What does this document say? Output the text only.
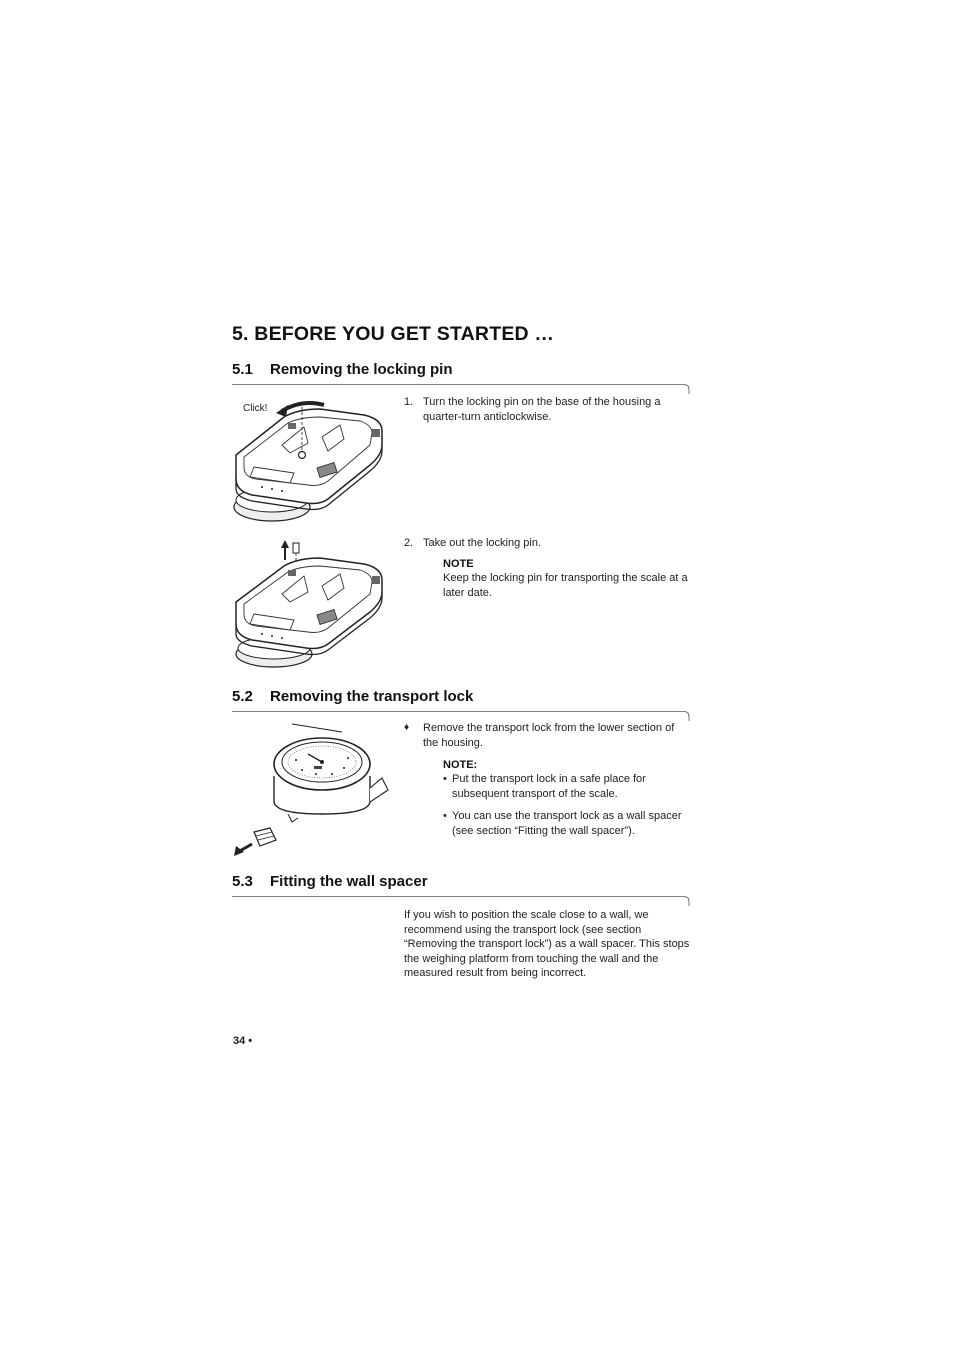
5. BEFORE YOU GET STARTED …
5.1 Removing the locking pin
Click!
1. Turn the locking pin on the base of the housing a quarter-turn anticlockwise.
2. Take out the locking pin.
NOTE
Keep the locking pin for transporting the scale at a later date.
5.2 Removing the transport lock
♦ Remove the transport lock from the lower section of the housing.
NOTE:
• Put the transport lock in a safe place for subsequent transport of the scale.
• You can use the transport lock as a wall spacer (see section “Fitting the wall spacer”).
5.3 Fitting the wall spacer
If you wish to position the scale close to a wall, we recommend using the transport lock (see section “Removing the transport lock”) as a wall spacer. This stops the weighing platform from touching the wall and the measured result from being incorrect.
34 •
